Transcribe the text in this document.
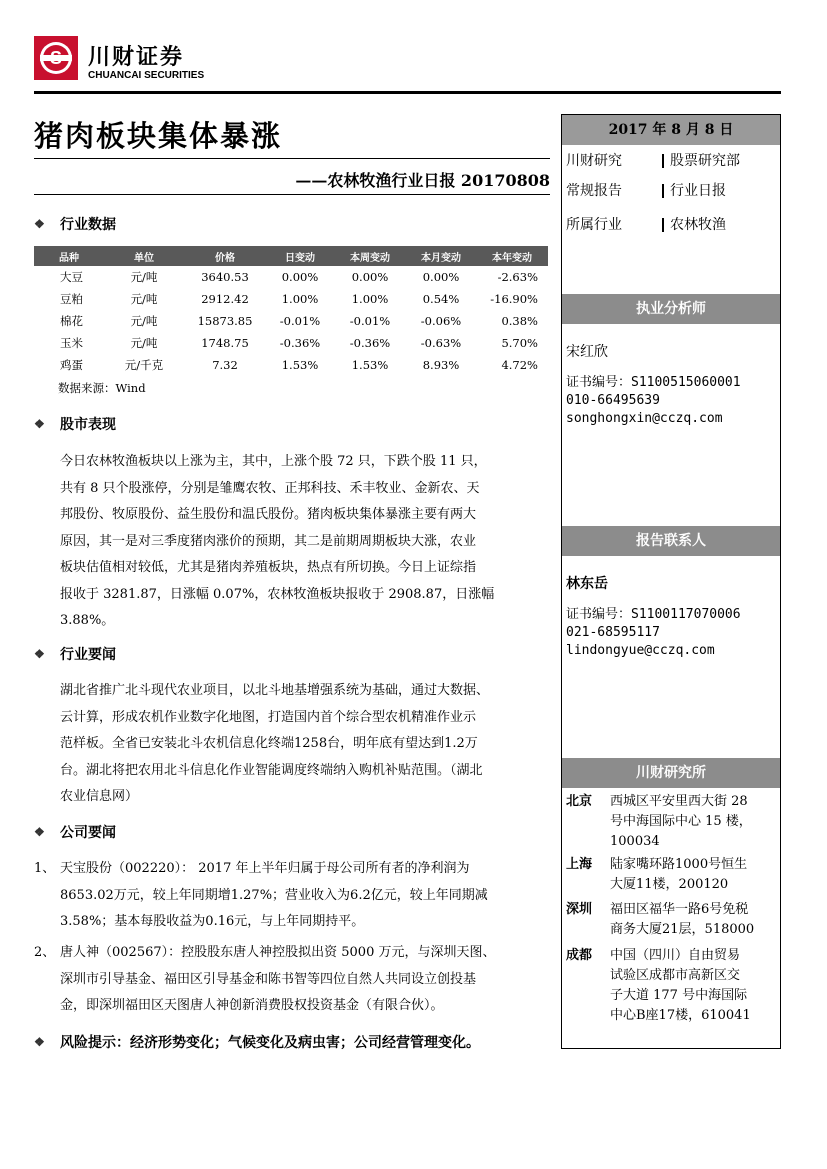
S 川财证券
CHUANCAI SECURITIES
猪肉板块集体暴涨
——农林牧渔行业日报 20170808
❖ 行业数据
品种	单位	价格	日变动	本周变动	本月变动	本年变动
大豆	元/吨	3640.53	0.00%	0.00%	0.00%	-2.63%
豆粕	元/吨	2912.42	1.00%	1.00%	0.54%	-16.90%
棉花	元/吨	15873.85	-0.01%	-0.01%	-0.06%	0.38%
玉米	元/吨	1748.75	-0.36%	-0.36%	-0.63%	5.70%
鸡蛋	元/千克	7.32	1.53%	1.53%	8.93%	4.72%
数据来源：Wind
❖ 股市表现
今日农林牧渔板块以上涨为主，其中，上涨个股 72 只，下跌个股 11 只，
共有 8 只个股涨停，分别是雏鹰农牧、正邦科技、禾丰牧业、金新农、天
邦股份、牧原股份、益生股份和温氏股份。猪肉板块集体暴涨主要有两大
原因，其一是对三季度猪肉涨价的预期，其二是前期周期板块大涨，农业
板块估值相对较低，尤其是猪肉养殖板块，热点有所切换。今日上证综指
报收于 3281.87，日涨幅 0.07%，农林牧渔板块报收于 2908.87，日涨幅
3.88%。
❖ 行业要闻
湖北省推广北斗现代农业项目，以北斗地基增强系统为基础，通过大数据、
云计算，形成农机作业数字化地图，打造国内首个综合型农机精准作业示
范样板。全省已安装北斗农机信息化终端1258台，明年底有望达到1.2万
台。湖北将把农用北斗信息化作业智能调度终端纳入购机补贴范围。（湖北
农业信息网）
❖ 公司要闻
1、 天宝股份（002220）： 2017 年上半年归属于母公司所有者的净利润为
8653.02万元，较上年同期增1.27%；营业收入为6.2亿元，较上年同期减
3.58%；基本每股收益为0.16元，与上年同期持平。
2、 唐人神（002567）：控股股东唐人神控股拟出资 5000 万元，与深圳天图、
深圳市引导基金、福田区引导基金和陈书智等四位自然人共同设立创投基
金，即深圳福田区天图唐人神创新消费股权投资基金（有限合伙）。
❖ 风险提示：经济形势变化；气候变化及病虫害；公司经营管理变化。
2017 年 8 月 8 日
川财研究	股票研究部
常规报告	行业日报
所属行业	农林牧渔
执业分析师
宋红欣
证书编号：S1100515060001
010-66495639
songhongxin@cczq.com
报告联系人
林东岳
证书编号：S1100117070006
021-68595117
lindongyue@cczq.com
川财研究所
北京	西城区平安里西大街 28
号中海国际中心 15 楼，
100034
上海	陆家嘴环路1000号恒生
大厦11楼，200120
深圳	福田区福华一路6号免税
商务大厦21层，518000
成都	中国（四川）自由贸易
试验区成都市高新区交
子大道 177 号中海国际
中心B座17楼，610041
